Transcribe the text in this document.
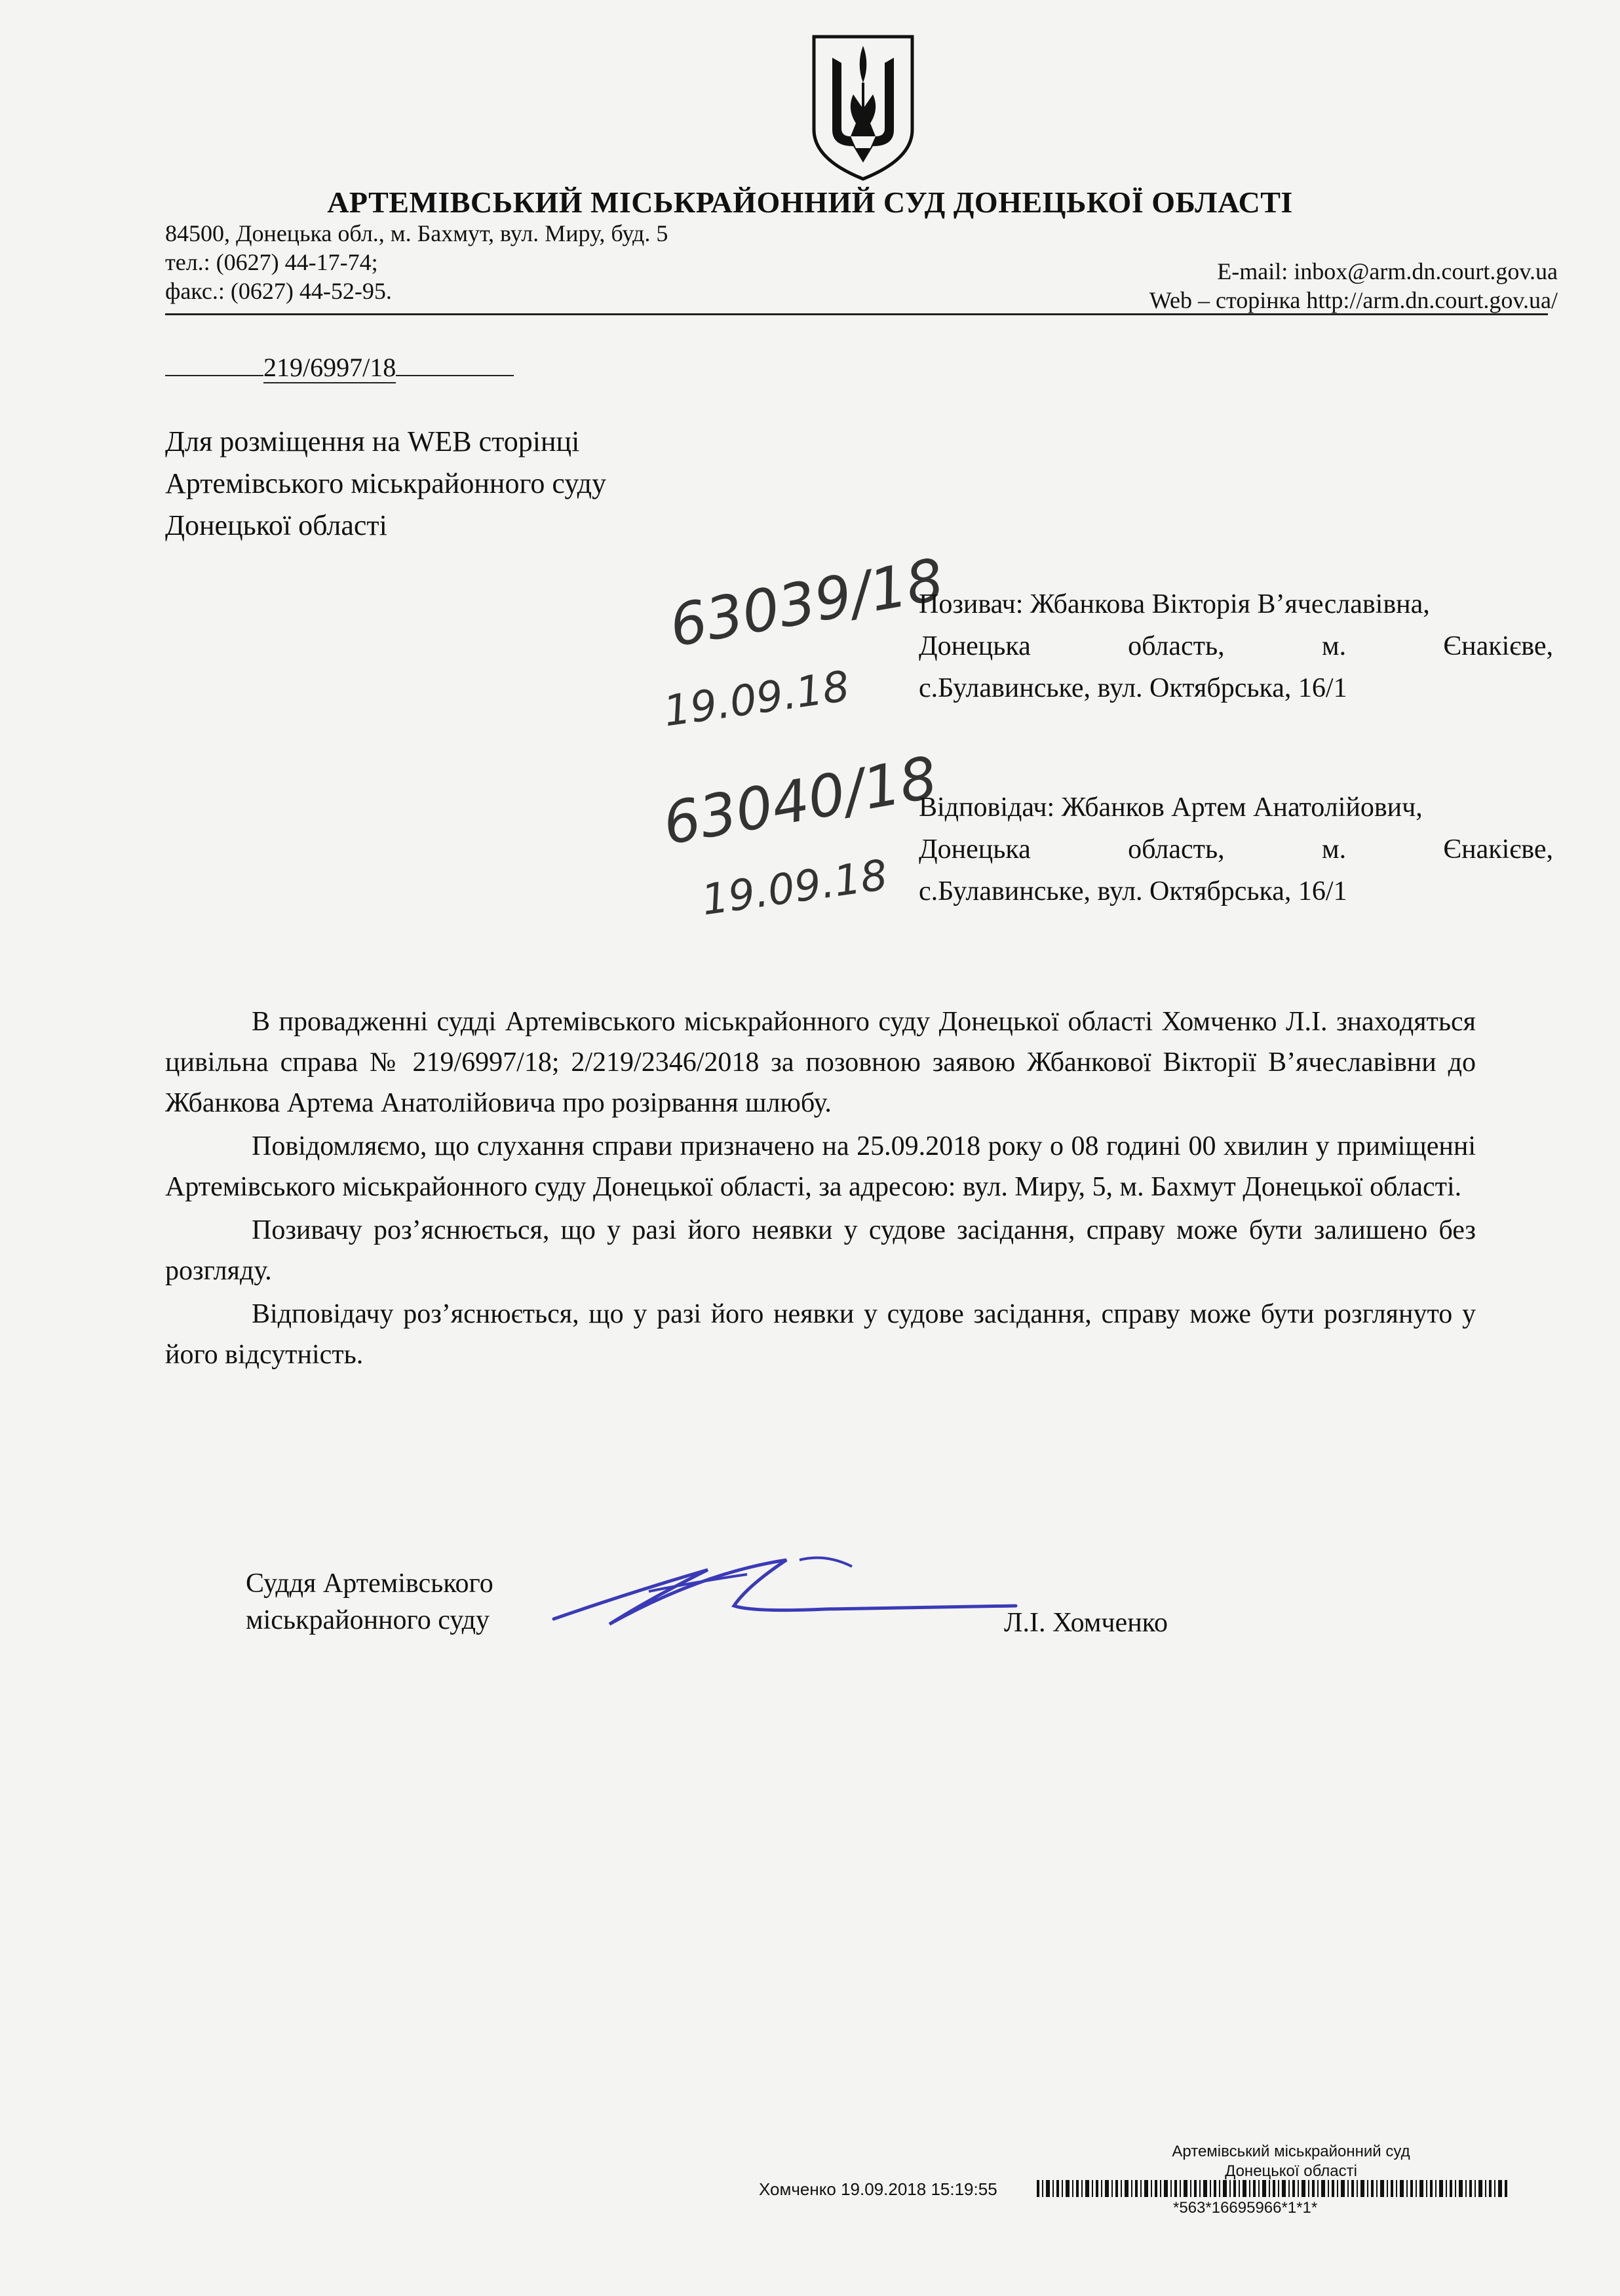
АРТЕМІВСЬКИЙ МІСЬКРАЙОННИЙ СУД ДОНЕЦЬКОЇ ОБЛАСТІ
84500, Донецька обл., м. Бахмут, вул. Миру, буд. 5
тел.: (0627) 44-17-74;
факс.: (0627) 44-52-95.
E-mail: inbox@arm.dn.court.gov.ua
Web – сторінка http://arm.dn.court.gov.ua/
219/6997/18
Для розміщення на WEB сторінці
Артемівського міськрайонного суду
Донецької області
63039/18
19.09.18
63040/18
19.09.18
Позивач: Жбанкова Вікторія В’ячеславівна,
Донецька	область,	м.	Єнакієве,
с.Булавинське, вул. Октябрська, 16/1
Відповідач: Жбанков Артем Анатолійович,
Донецька	область,	м.	Єнакієве,
с.Булавинське, вул. Октябрська, 16/1

В провадженні судді Артемівського міськрайонного суду Донецької області Хомченко Л.І. знаходяться цивільна справа № 219/6997/18; 2/219/2346/2018 за позовною заявою Жбанкової Вікторії В’ячеславівни до Жбанкова Артема Анатолійовича про розірвання шлюбу.

Повідомляємо, що слухання справи призначено на 25.09.2018 року о 08 годині 00 хвилин у приміщенні Артемівського міськрайонного суду Донецької області, за адресою: вул. Миру, 5, м. Бахмут Донецької області.

Позивачу роз’яснюється, що у разі його неявки у судове засідання, справу може бути залишено без розгляду.

Відповідачу роз’яснюється, що у разі його неявки у судове засідання, справу може бути розглянуто у його відсутність.

Суддя Артемівського
міськрайонного суду	Л.І. Хомченко
Артемівський міськрайонний суд
Донецької області
Хомченко 19.09.2018 15:19:55
*563*16695966*1*1*
